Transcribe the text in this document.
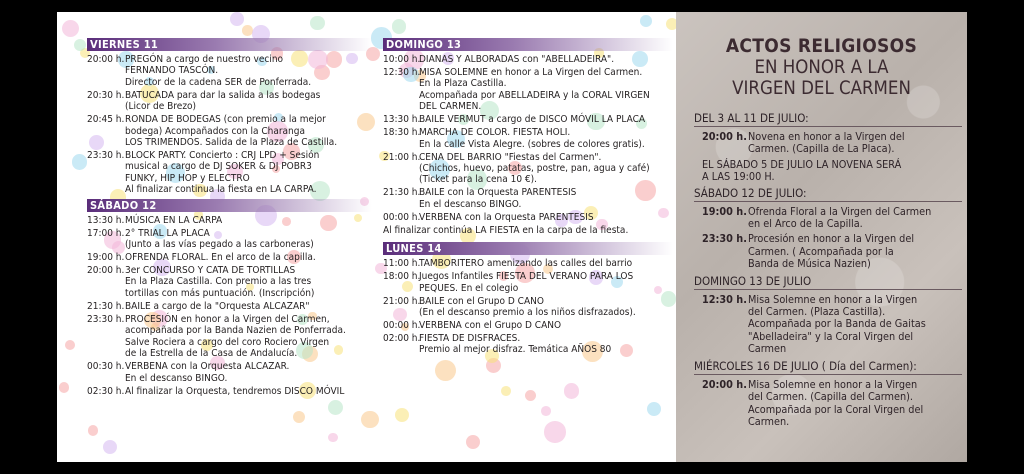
VIERNES 11
20:00 h. PREGÓN a cargo de nuestro vecino
FERNANDO TASCÓN.
Director de la cadena SER de Ponferrada.
20:30 h. BATUCADA para dar la salida a las bodegas
(Licor de Brezo)
20:45 h. RONDA DE BODEGAS (con premio a la mejor
bodega) Acompañados con la Charanga
LOS TRIMENDOS. Salida de la Plaza de Castilla.
23:30 h. BLOCK PARTY. Concierto : CRJ LPD + Sesión
musical a cargo de DJ SOKER & DJ POBR3
FUNKY, HIP HOP y ELECTRO
Al finalizar continua la fiesta en LA CARPA.
SÁBADO 12
13:30 h. MÚSICA EN LA CARPA
17:00 h. 2° TRIAL LA PLACA
(Junto a las vías pegado a las carboneras)
19:00 h. OFRENDA FLORAL. En el arco de la capilla.
20:00 h. 3er CONCURSO Y CATA DE TORTILLAS
En la Plaza Castilla. Con premio a las tres
tortillas con más puntuación. (Inscripción)
21:30 h. BAILE a cargo de la "Orquesta ALCAZAR"
23:30 h. PROCESIÓN en honor a la Virgen del Carmen,
acompañada por la Banda Nazien de Ponferrada.
Salve Rociera a cargo del coro Rociero Virgen
de la Estrella de la Casa de Andalucía.
00:30 h. VERBENA con la Orquesta ALCAZAR.
En el descanso BINGO.
02:30 h. Al finalizar la Orquesta, tendremos DISCO MÓVIL
DOMINGO 13
10:00 h.
DIANAS Y ALBORADAS con "ABELLADEIRA".
12:30 h.
MISA SOLEMNE en honor a La Virgen del Carmen.
En la Plaza Castilla.
Acompañada por ABELLADEIRA y la CORAL VIRGEN
DEL CARMEN.
13:30 h.
BAILE VERMUT a cargo de DISCO MÓVIL LA PLACA
18:30 h.
MARCHA DE COLOR. FIESTA HOLI.
En la calle Vista Alegre. (sobres de colores gratis).
21:00 h.
CENA DEL BARRIO "Fiestas del Carmen".
(Chichos, huevo, patatas, postre, pan, agua y café)
(Ticket para la cena 10 €).
21:30 h.
BAILE con la Orquesta PARENTESIS
En el descanso BINGO.
00:00 h.
VERBENA con la Orquesta PARENTESIS
Al finalizar continúa LA FIESTA en la carpa de la fiesta.
LUNES 14
11:00 h.
TAMBORITERO amenizando las calles del barrio
18:00 h.
Juegos Infantiles FIESTA DEL VERANO PARA LOS
PEQUES. En el colegio
21:00 h.
BAILE con el Grupo D CANO
(En el descanso premio a los niños disfrazados).
00:00 h.
VERBENA con el Grupo D CANO
02:00 h.
FIESTA DE DISFRACES.
Premio al mejor disfraz. Temática AÑOS 80
ACTOS RELIGIOSOS
EN HONOR A LA
VIRGEN DEL CARMEN
DEL 3 AL 11 DE JULIO:
20:00 h. Novena en honor a la Virgen del
Carmen. (Capilla de La Placa).
EL SÁBADO 5 DE JULIO LA NOVENA SERÁ
A LAS 19:00 H.
SÁBADO 12 DE JULIO:
19:00 h. Ofrenda Floral a la Virgen del Carmen
en el Arco de la Capilla.
23:30 h. Procesión en honor a la Virgen del
Carmen. ( Acompañada por la
Banda de Música Nazien)
DOMINGO 13 DE JULIO
12:30 h. Misa Solemne en honor a la Virgen
del Carmen. (Plaza Castilla).
Acompañada por la Banda de Gaitas
"Abelladeira" y la Coral Virgen del
Carmen
MIÉRCOLES 16 DE JULIO ( Día del Carmen):
20:00 h. Misa Solemne en honor a la Virgen
del Carmen. (Capilla del Carmen).
Acompañada por la Coral Virgen del
Carmen.
